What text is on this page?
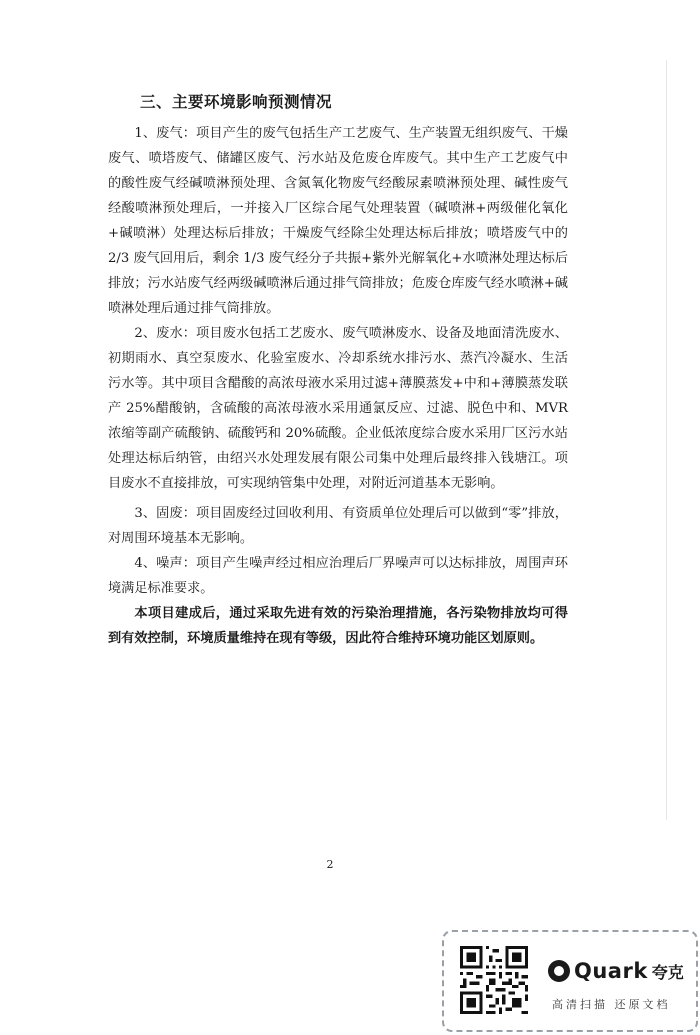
三、主要环境影响预测情况

1、废气：项目产生的废气包括生产工艺废气、生产装置无组织废气、干燥废气、喷塔废气、储罐区废气、污水站及危废仓库废气。其中生产工艺废气中的酸性废气经碱喷淋预处理、含氮氧化物废气经酸尿素喷淋预处理、碱性废气经酸喷淋预处理后，一并接入厂区综合尾气处理装置（碱喷淋+两级催化氧化+碱喷淋）处理达标后排放；干燥废气经除尘处理达标后排放；喷塔废气中的 2/3 废气回用后，剩余 1/3 废气经分子共振+紫外光解氧化+水喷淋处理达标后排放；污水站废气经两级碱喷淋后通过排气筒排放；危废仓库废气经水喷淋+碱喷淋处理后通过排气筒排放。

2、废水：项目废水包括工艺废水、废气喷淋废水、设备及地面清洗废水、初期雨水、真空泵废水、化验室废水、冷却系统水排污水、蒸汽冷凝水、生活污水等。其中项目含醋酸的高浓母液水采用过滤+薄膜蒸发+中和+薄膜蒸发联产 25%醋酸钠，含硫酸的高浓母液水采用通氯反应、过滤、脱色中和、MVR 浓缩等副产硫酸钠、硫酸钙和 20%硫酸。企业低浓度综合废水采用厂区污水站处理达标后纳管，由绍兴水处理发展有限公司集中处理后最终排入钱塘江。项目废水不直接排放，可实现纳管集中处理，对附近河道基本无影响。

3、固废：项目固废经过回收利用、有资质单位处理后可以做到“零”排放，对周围环境基本无影响。

4、噪声：项目产生噪声经过相应治理后厂界噪声可以达标排放，周围声环境满足标准要求。

本项目建成后，通过采取先进有效的污染治理措施，各污染物排放均可得到有效控制，环境质量维持在现有等级，因此符合维持环境功能区划原则。

2
Quark 夸克
高清扫描 还原文档
